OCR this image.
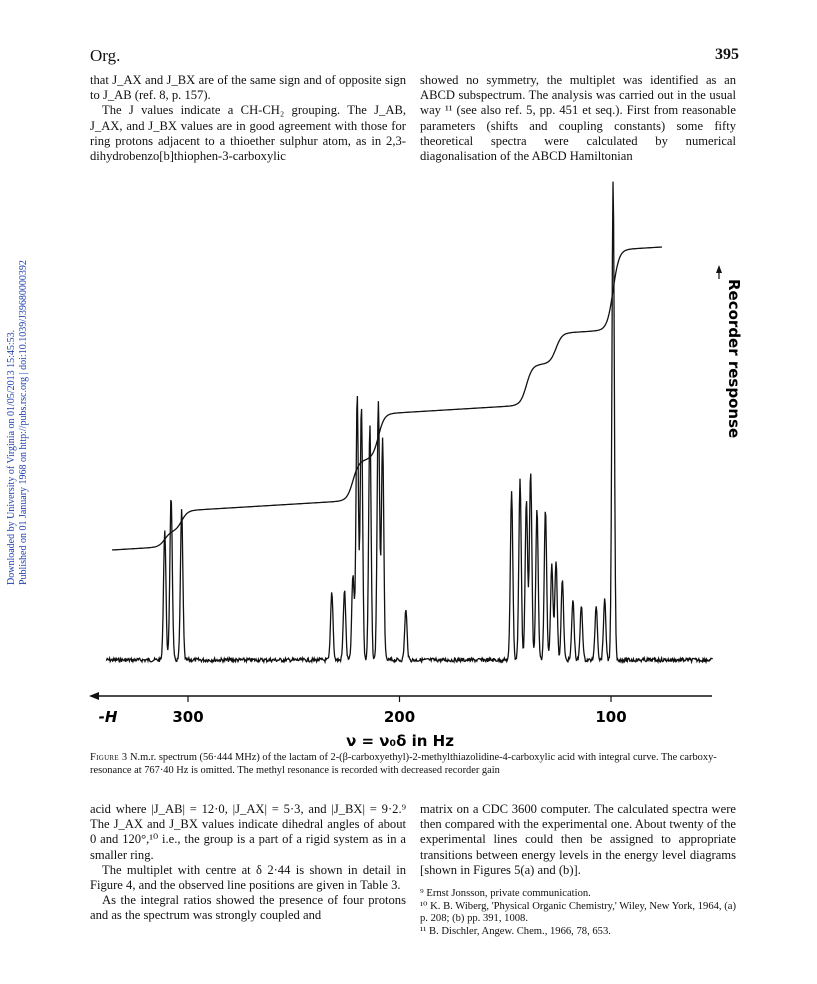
Org.	395
Downloaded by University of Virginia on 01/05/2013 15:45:53. Published on 01 January 1968 on http://pubs.rsc.org | doi:10.1039/J39680000392

that J_AX and J_BX are of the same sign and of opposite sign to J_AB (ref. 8, p. 157).

The J values indicate a CH-CH₂ grouping. The J_AB, J_AX, and J_BX values are in good agreement with those for ring protons adjacent to a thioether sulphur atom, as in 2,3-dihydrobenzo[b]thiophen-3-carboxylic

showed no symmetry, the multiplet was identified as an ABCD subspectrum. The analysis was carried out in the usual way ¹¹ (see also ref. 5, pp. 451 et seq.). First from reasonable parameters (shifts and coupling constants) some fifty theoretical spectra were calculated by numerical diagonalisation of the ABCD Hamiltonian

300	200	100
-H
ν = ν₀δ in Hz
Recorder response
Figure 3 N.m.r. spectrum (56·444 MHz) of the lactam of 2-(β-carboxyethyl)-2-methylthiazolidine-4-carboxylic acid with integral curve. The carboxy-resonance at 767·40 Hz is omitted. The methyl resonance is recorded with decreased recorder gain

acid where |J_AB| = 12·0, |J_AX| = 5·3, and |J_BX| = 9·2.⁹ The J_AX and J_BX values indicate dihedral angles of about 0 and 120°,¹⁰ i.e., the group is a part of a rigid system as in a smaller ring.

The multiplet with centre at δ 2·44 is shown in detail in Figure 4, and the observed line positions are given in Table 3.

As the integral ratios showed the presence of four protons and as the spectrum was strongly coupled and

matrix on a CDC 3600 computer. The calculated spectra were then compared with the experimental one. About twenty of the experimental lines could then be assigned to appropriate transitions between energy levels in the energy level diagrams [shown in Figures 5(a) and (b)].

⁹ Ernst Jonsson, private communication.

¹⁰ K. B. Wiberg, 'Physical Organic Chemistry,' Wiley, New York, 1964, (a) p. 208; (b) pp. 391, 1008.

¹¹ B. Dischler, Angew. Chem., 1966, 78, 653.
